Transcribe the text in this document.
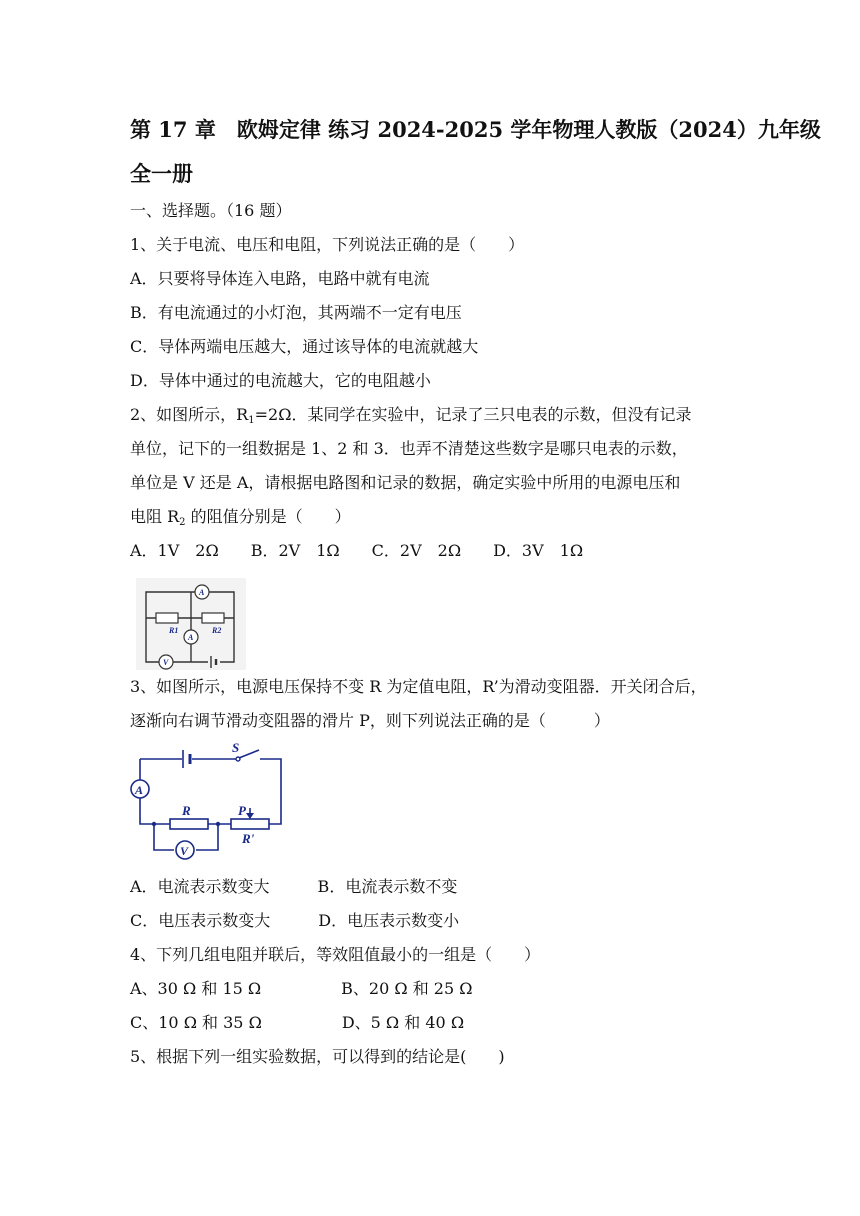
第 17 章　欧姆定律 练习 2024-2025 学年物理人教版（2024）九年级
全一册
一、选择题。（16 题）
1、关于电流、电压和电阻，下列说法正确的是（　　）
A．只要将导体连入电路，电路中就有电流
B．有电流通过的小灯泡，其两端不一定有电压
C．导体两端电压越大，通过该导体的电流就越大
D．导体中通过的电流越大，它的电阻越小
2、如图所示，$R_1=2\Omega$．某同学在实验中，记录了三只电表的示数，但没有记录
单位，记下的一组数据是 1、2 和 3．也弄不清楚这些数字是哪只电表的示数，
单位是 V 还是 A，请根据电路图和记录的数据，确定实验中所用的电源电压和
电阻 $R_2$ 的阻值分别是（　　）
A．1V　2Ω　　B．2V　1Ω　　C．2V　2Ω　　D．3V　1Ω
R1	R2
A
A
V
3、如图所示，电源电压保持不变 R 为定值电阻，R’为滑动变阻器．开关闭合后，
逐渐向右调节滑动变阻器的滑片 P，则下列说法正确的是（　　　）
S
A
R	P
R'
V
A．电流表示数变大　　　B．电流表示数不变
C．电压表示数变大　　　D．电压表示数变小
4、下列几组电阻并联后，等效阻值最小的一组是（　　）
A、30 Ω 和 15 Ω　　　　　B、20 Ω 和 25 Ω
C、10 Ω 和 35 Ω　　　　　D、5 Ω 和 40 Ω
5、根据下列一组实验数据，可以得到的结论是(　　)
